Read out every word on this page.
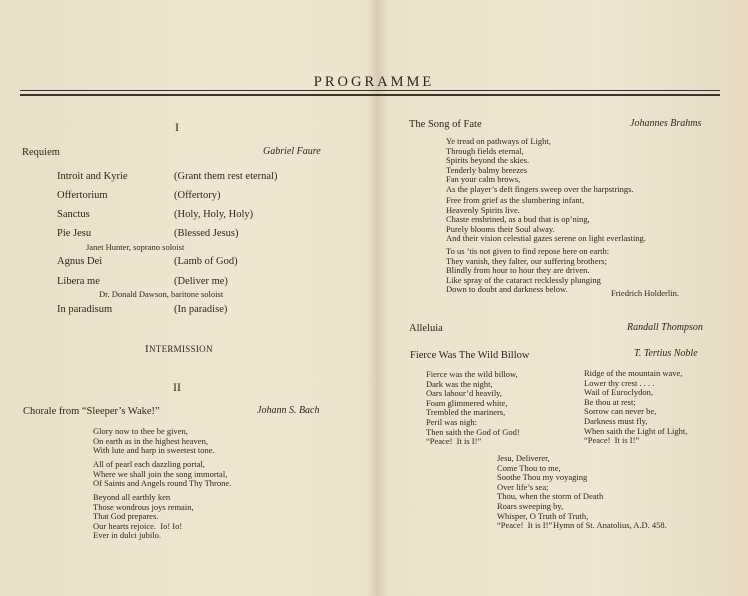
PROGRAMME
I
Requiem	Gabriel Faure
Introit and Kyrie	(Grant them rest eternal)
Offertorium	(Offertory)
Sanctus	(Holy, Holy, Holy)
Pie Jesu	(Blessed Jesus)
Janet Hunter, soprano soloist
Agnus Dei	(Lamb of God)
Libera me	(Deliver me)
Dr. Donald Dawson, baritone soloist
In paradisum	(In paradise)
INTERMISSION
II
Chorale from “Sleeper’s Wake!”	Johann S. Bach
Glory now to thee be given,
On earth as in the highest heaven,
With lute and harp in sweetest tone.
All of pearl each dazzling portal,
Where we shall join the song immortal,
Of Saints and Angels round Thy Throne.
Beyond all earthly ken
Those wondrous joys remain,
That God prepares.
Our hearts rejoice.  Io! Io!
Ever in dulci jubilo.
The Song of Fate	Johannes Brahms
Ye tread on pathways of Light,
Through fields eternal,
Spirits beyond the skies.
Tenderly balmy breezes
Fan your calm brows,
As the player’s deft fingers sweep over the harpstrings.
Free from grief as the slumbering infant,
Heavenly Spirits live.
Chaste enshrined, as a bud that is op’ning,
Purely blooms their Soul alway.
And their vision celestial gazes serene on light everlasting.
To us ’tis not given to find repose here on earth:
They vanish, they falter, our suffering brothers;
Blindly from hour to hour they are driven.
Like spray of the cataract recklessly plunging
Down to doubt and darkness below.	Friedrich Holderlin.
Alleluia	Randall Thompson
Fierce Was The Wild Billow	T. Tertius Noble
Fierce was the wild billow,
Dark was the night,
Oars labour’d heavily,
Foam glimmered white,
Trembled the mariners,
Peril was nigh:
Then saith the God of God!
“Peace!  It is I!”
Ridge of the mountain wave,
Lower thy crest . . . .
Wail of Euroclydon,
Be thou at rest;
Sorrow can never be,
Darkness must fly,
When saith the Light of Light,
“Peace!  It is I!”
Jesu, Deliverer,
Come Thou to me,
Soothe Thou my voyaging
Over life’s sea;
Thou, when the storm of Death
Roars sweeping by,
Whisper, O Truth of Truth,
“Peace!  It is I!” Hymn of St. Anatolius, A.D. 458.
